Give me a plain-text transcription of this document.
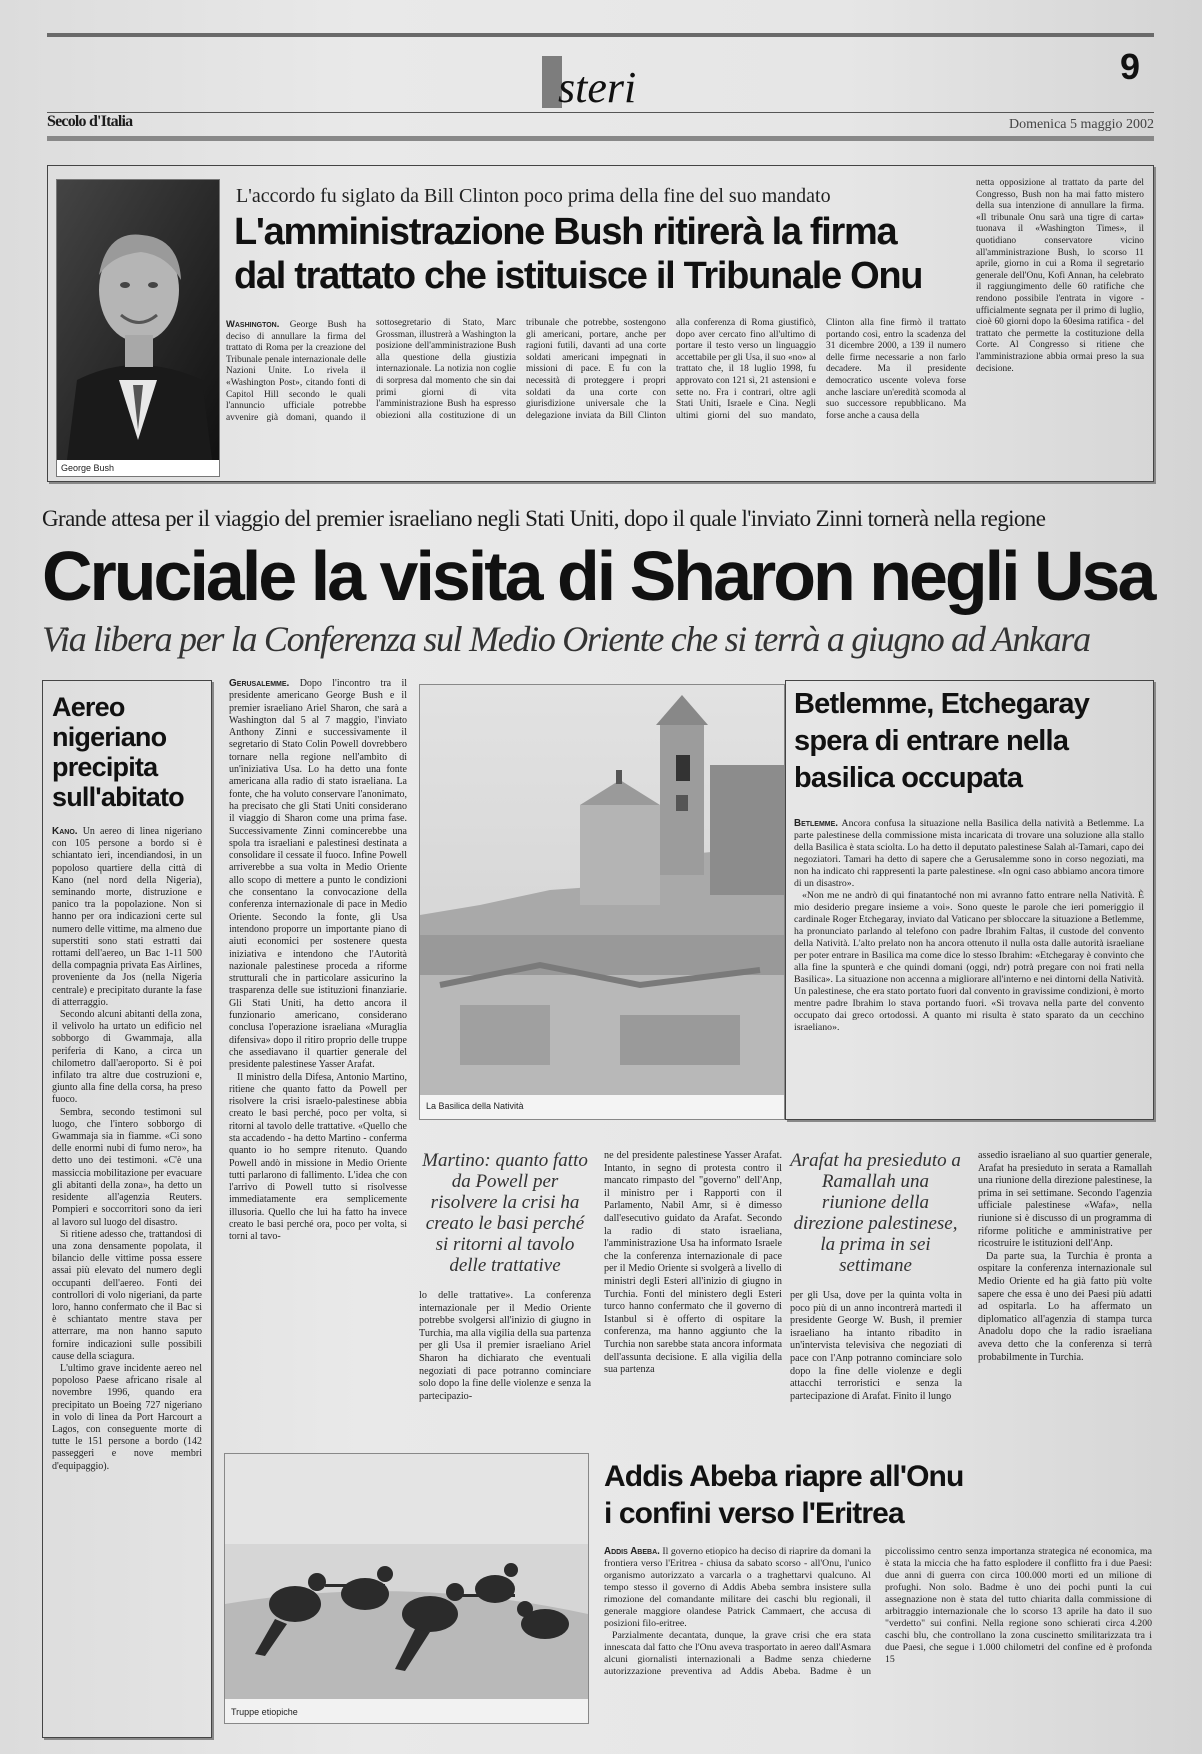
steri	9
Secolo d'Italia	Domenica 5 maggio 2002
George Bush
L'accordo fu siglato da Bill Clinton poco prima della fine del suo mandato
L'amministrazione Bush ritirerà la firma
dal trattato che istituisce il Tribunale Onu

Washington. George Bush ha deciso di annullare la firma del trattato di Roma per la creazione del Tribunale penale internazionale delle Nazioni Unite. Lo rivela il «Washington Post», citando fonti di Capitol Hill secondo le quali l'annuncio ufficiale potrebbe avvenire già domani, quando il sottosegretario di Stato, Marc Grossman, illustrerà a Washington la posizione dell'amministrazione Bush alla questione della giustizia internazionale. La notizia non coglie di sorpresa dal momento che sin dai primi giorni di vita l'amministrazione Bush ha espresso obiezioni alla costituzione di un tribunale che potrebbe, sostengono gli americani, portare, anche per ragioni futili, davanti ad una corte soldati americani impegnati in missioni di pace. E fu con la necessità di proteggere i propri soldati da una corte con giurisdizione universale che la delegazione inviata da Bill Clinton alla conferenza di Roma giustificò, dopo aver cercato fino all'ultimo di portare il testo verso un linguaggio accettabile per gli Usa, il suo «no» al trattato che, il 18 luglio 1998, fu approvato con 121 sì, 21 astensioni e sette no. Fra i contrari, oltre agli Stati Uniti, Israele e Cina. Negli ultimi giorni del suo mandato, Clinton alla fine firmò il trattato portando così, entro la scadenza del 31 dicembre 2000, a 139 il numero delle firme necessarie a non farlo decadere. Ma il presidente democratico uscente voleva forse anche lasciare un'eredità scomoda al suo successore repubblicano. Ma forse anche a causa della

netta opposizione al trattato da parte del Congresso, Bush non ha mai fatto mistero della sua intenzione di annullare la firma. «Il tribunale Onu sarà una tigre di carta» tuonava il «Washington Times», il quotidiano conservatore vicino all'amministrazione Bush, lo scorso 11 aprile, giorno in cui a Roma il segretario generale dell'Onu, Kofi Annan, ha celebrato il raggiungimento delle 60 ratifiche che rendono possibile l'entrata in vigore - ufficialmente segnata per il primo di luglio, cioè 60 giorni dopo la 60esima ratifica - del trattato che permette la costituzione della Corte. Al Congresso si ritiene che l'amministrazione abbia ormai preso la sua decisione.
Grande attesa per il viaggio del premier israeliano negli Stati Uniti, dopo il quale l'inviato Zinni tornerà nella regione
Cruciale la visita di Sharon negli Usa
Via libera per la Conferenza sul Medio Oriente che si terrà a giugno ad Ankara
Aereo nigeriano precipita sull'abitato

Kano. Un aereo di linea nigeriano con 105 persone a bordo si è schiantato ieri, incendiandosi, in un popoloso quartiere della città di Kano (nel nord della Nigeria), seminando morte, distruzione e panico tra la popolazione. Non si hanno per ora indicazioni certe sul numero delle vittime, ma almeno due superstiti sono stati estratti dai rottami dell'aereo, un Bac 1-11 500 della compagnia privata Eas Airlines, proveniente da Jos (nella Nigeria centrale) e precipitato durante la fase di atterraggio.

Secondo alcuni abitanti della zona, il velivolo ha urtato un edificio nel sobborgo di Gwammaja, alla periferia di Kano, a circa un chilometro dall'aeroporto. Si è poi infilato tra altre due costruzioni e, giunto alla fine della corsa, ha preso fuoco.

Sembra, secondo testimoni sul luogo, che l'intero sobborgo di Gwammaja sia in fiamme. «Ci sono delle enormi nubi di fumo nero», ha detto uno dei testimoni. «C'è una massiccia mobilitazione per evacuare gli abitanti della zona», ha detto un residente all'agenzia Reuters. Pompieri e soccorritori sono da ieri al lavoro sul luogo del disastro.

Si ritiene adesso che, trattandosi di una zona densamente popolata, il bilancio delle vittime possa essere assai più elevato del numero degli occupanti dell'aereo. Fonti dei controllori di volo nigeriani, da parte loro, hanno confermato che il Bac si è schiantato mentre stava per atterrare, ma non hanno saputo fornire indicazioni sulle possibili cause della sciagura.

L'ultimo grave incidente aereo nel popoloso Paese africano risale al novembre 1996, quando era precipitato un Boeing 727 nigeriano in volo di linea da Port Harcourt a Lagos, con conseguente morte di tutte le 151 persone a bordo (142 passeggeri e nove membri d'equipaggio).

Gerusalemme. Dopo l'incontro tra il presidente americano George Bush e il premier israeliano Ariel Sharon, che sarà a Washington dal 5 al 7 maggio, l'inviato Anthony Zinni e successivamente il segretario di Stato Colin Powell dovrebbero tornare nella regione nell'ambito di un'iniziativa Usa. Lo ha detto una fonte americana alla radio di stato israeliana. La fonte, che ha voluto conservare l'anonimato, ha precisato che gli Stati Uniti considerano il viaggio di Sharon come una prima fase. Successivamente Zinni comincerebbe una spola tra israeliani e palestinesi destinata a consolidare il cessate il fuoco. Infine Powell arriverebbe a sua volta in Medio Oriente allo scopo di mettere a punto le condizioni che consentano la convocazione della conferenza internazionale di pace in Medio Oriente. Secondo la fonte, gli Usa intendono proporre un importante piano di aiuti economici per sostenere questa iniziativa e intendono che l'Autorità nazionale palestinese proceda a riforme strutturali che in particolare assicurino la trasparenza delle sue istituzioni finanziarie. Gli Stati Uniti, ha detto ancora il funzionario americano, considerano conclusa l'operazione israeliana «Muraglia difensiva» dopo il ritiro proprio delle truppe che assediavano il quartier generale del presidente palestinese Yasser Arafat.

Il ministro della Difesa, Antonio Martino, ritiene che quanto fatto da Powell per risolvere la crisi israelo-palestinese abbia creato le basi perché, poco per volta, si ritorni al tavolo delle trattative. «Quello che sta accadendo - ha detto Martino - conferma quanto io ho sempre ritenuto. Quando Powell andò in missione in Medio Oriente tutti parlarono di fallimento. L'idea che con l'arrivo di Powell tutto si risolvesse immediatamente era semplicemente illusoria. Quello che lui ha fatto ha invece creato le basi perché ora, poco per volta, si torni al tavo-

La Basilica della Natività
Betlemme, Etchegaray spera di entrare nella basilica occupata

Betlemme. Ancora confusa la situazione nella Basilica della natività a Betlemme. La parte palestinese della commissione mista incaricata di trovare una soluzione alla stallo della Basilica è stata sciolta. Lo ha detto il deputato palestinese Salah al-Tamari, capo dei negoziatori. Tamari ha detto di sapere che a Gerusalemme sono in corso negoziati, ma non ha indicato chi rappresenti la parte palestinese. «In ogni caso abbiamo ancora timore di un disastro».

«Non me ne andrò di qui finatantoché non mi avranno fatto entrare nella Natività. È mio desiderio pregare insieme a voi». Sono queste le parole che ieri pomeriggio il cardinale Roger Etchegaray, inviato dal Vaticano per sbloccare la situazione a Betlemme, ha pronunciato parlando al telefono con padre Ibrahim Faltas, il custode del convento della Natività. L'alto prelato non ha ancora ottenuto il nulla osta dalle autorità israeliane per poter entrare in Basilica ma come dice lo stesso Ibrahim: «Etchegaray è convinto che alla fine la spunterà e che quindi domani (oggi, ndr) potrà pregare con noi frati nella Basilica». La situazione non accenna a migliorare all'interno e nei dintorni della Natività. Un palestinese, che era stato portato fuori dal convento in gravissime condizioni, è morto mentre padre Ibrahim lo stava portando fuori. «Si trovava nella parte del convento occupato dai greco ortodossi. A quanto mi risulta è stato sparato da un cecchino israeliano».

Martino: quanto fatto da Powell per risolvere la crisi ha creato le basi perché si ritorni al tavolo delle trattative
lo delle trattative». La conferenza internazionale per il Medio Oriente potrebbe svolgersi all'inizio di giugno in Turchia, ma alla vigilia della sua partenza per gli Usa il premier israeliano Ariel Sharon ha dichiarato che eventuali negoziati di pace potranno cominciare solo dopo la fine delle violenze e senza la partecipazio-
ne del presidente palestinese Yasser Arafat. Intanto, in segno di protesta contro il mancato rimpasto del "governo" dell'Anp, il ministro per i Rapporti con il Parlamento, Nabil Amr, si è dimesso dall'esecutivo guidato da Arafat. Secondo la radio di stato israeliana, l'amministrazione Usa ha informato Israele che la conferenza internazionale di pace per il Medio Oriente si svolgerà a livello di ministri degli Esteri all'inizio di giugno in Turchia. Fonti del ministero degli Esteri turco hanno confermato che il governo di Istanbul si è offerto di ospitare la conferenza, ma hanno aggiunto che la Turchia non sarebbe stata ancora informata dell'assunta decisione. E alla vigilia della sua partenza
Arafat ha presieduto a Ramallah una riunione della direzione palestinese, la prima in sei settimane
per gli Usa, dove per la quinta volta in poco più di un anno incontrerà martedì il presidente George W. Bush, il premier israeliano ha intanto ribadito in un'intervista televisiva che negoziati di pace con l'Anp potranno cominciare solo dopo la fine delle violenze e degli attacchi terroristici e senza la partecipazione di Arafat. Finito il lungo

assedio israeliano al suo quartier generale, Arafat ha presieduto in serata a Ramallah una riunione della direzione palestinese, la prima in sei settimane. Secondo l'agenzia ufficiale palestinese «Wafa», nella riunione si è discusso di un programma di riforme politiche e amministrative per ricostruire le istituzioni dell'Anp.

Da parte sua, la Turchia è pronta a ospitare la conferenza internazionale sul Medio Oriente ed ha già fatto più volte sapere che essa è uno dei Paesi più adatti ad ospitarla. Lo ha affermato un diplomatico all'agenzia di stampa turca Anadolu dopo che la radio israeliana aveva detto che la conferenza si terrà probabilmente in Turchia.

Truppe etiopiche
Addis Abeba riapre all'Onu
i confini verso l'Eritrea

Addis Abeba. Il governo etiopico ha deciso di riaprire da domani la frontiera verso l'Eritrea - chiusa da sabato scorso - all'Onu, l'unico organismo autorizzato a varcarla o a traghettarvi qualcuno. Al tempo stesso il governo di Addis Abeba sembra insistere sulla rimozione del comandante militare dei caschi blu regionali, il generale maggiore olandese Patrick Cammaert, che accusa di posizioni filo-eritree.

Parzialmente decantata, dunque, la grave crisi che era stata innescata dal fatto che l'Onu aveva trasportato in aereo dall'Asmara alcuni giornalisti internazionali a Badme senza chiederne autorizzazione preventiva ad Addis Abeba. Badme è un piccolissimo centro senza importanza strategica né economica, ma è stata la miccia che ha fatto esplodere il conflitto fra i due Paesi: due anni di guerra con circa 100.000 morti ed un milione di profughi. Non solo. Badme è uno dei pochi punti la cui assegnazione non è stata del tutto chiarita dalla commissione di arbitraggio internazionale che lo scorso 13 aprile ha dato il suo "verdetto" sui confini. Nella regione sono schierati circa 4.200 caschi blu, che controllano la zona cuscinetto smilitarizzata tra i due Paesi, che segue i 1.000 chilometri del confine ed è profonda 15
